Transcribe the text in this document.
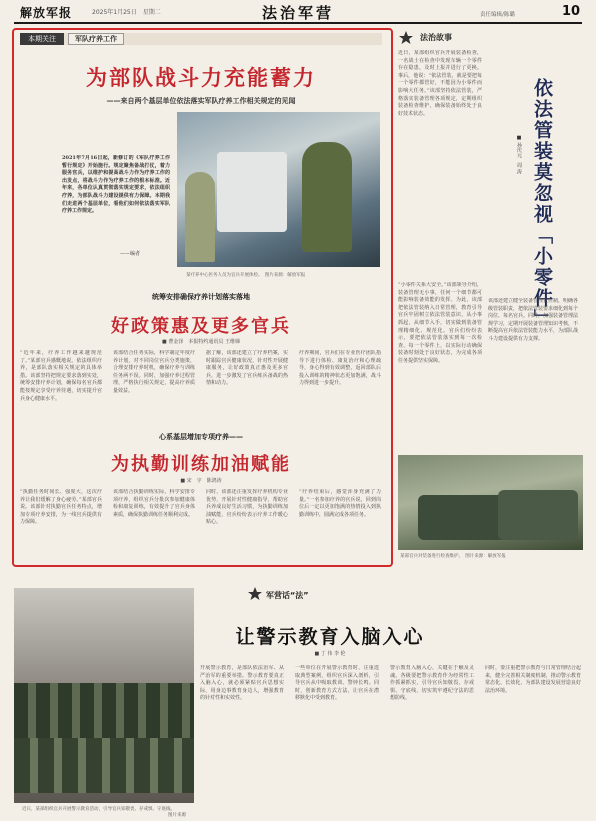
解放军报	2025年1月25日　星期二	法治军营	责任编辑/陈璐	10
本期关注	军队疗养工作
为部队战斗力充能蓄力
——来自两个基层单位依法落实军队疗养工作相关规定的见闻
2021年7月16日起，新修订的《军队疗养工作暂行规定》开始施行。规定聚焦备战打仗，着力服务官兵，以维护和提高战斗力作为疗养工作的出发点，将战斗力作为疗养工作的根本标准。近年来，各单位认真贯彻落实规定要求，依法组织疗养，为部队战斗力建设提供有力保障。本期我们走进两个基层单位，看他们如何依法落实军队疗养工作规定。
——编者
某疗养中心医务人员为官兵开展体检。　图片来源：解放军报
统筹安排确保疗养计划落实落地
好政策惠及更多官兵
■ 曹金泽　本报特约通讯员 王维娣
“近年来，疗养工作越来越规范了。”某部官兵感慨地说。依法组织疗养，是部队落实相关规定的具体举措。该部坚持把规定要求落到实处，统筹安排疗养计划，确保每名官兵都能按规定享受疗养待遇，切实提升官兵身心健康水平。
该部结合任务实际，科学制定年度疗养计划，对不同岗位官兵分类施策，合理安排疗养时机，确保疗养与训练任务两不误。同时，加强疗养过程管理，严格执行相关规定，提高疗养质量效益。
据了解，该部还建立了疗养档案，实时跟踪官兵健康状况，针对性开展健康服务，让好政策真正惠及更多官兵，进一步激发了官兵练兵备战的热情和动力。
疗养期间，官兵们在专业医疗团队指导下进行体检、康复治疗和心理疏导，身心得到有效调整，返回部队后投入训练的精神状态更加饱满，战斗力得到进一步提升。
心系基层增加专项疗养——
为执勤训练加油赋能
■ 宋　宇　陈鸿涛
“执勤任务时间长、强度大，这次疗养让我们缓解了身心疲劳。”某部官兵说。该部针对执勤官兵任务特点，增加专项疗养安排，为一线官兵提供有力保障。
该部结合执勤训练实际，科学安排专项疗养，组织官兵分批次参加健康体检和康复训练，有效提升了官兵身体素质，确保执勤训练任务顺利完成。
同时，该部还注重发挥疗养机构专业优势，开展针对性健康指导，帮助官兵养成良好生活习惯，为执勤训练加油赋能，官兵纷纷表示疗养工作暖心贴心。
“疗养结束后，感觉浑身充满了力量。”一名参加疗养的官兵说，回到岗位后一定以更加饱满的热情投入到执勤训练中，圆满完成各项任务。
法治故事
近日，某部组织官兵开展装备检查，一名战士在检查中发现车辆一个零件存在隐患，及时上报并进行了更换。事后，他说：“依法管装，就是要把每一个零件都管好，不能因为小零件而影响大任务。”该部坚持依法管装，严格落实装备管理各项规定，定期组织装备检查维护，确保装备始终处于良好技术状态。
“小零件关系大安全。”该部领导介绍，装备管理无小事，任何一个细节都可能影响装备效能的发挥。为此，该部把依法管装纳入日常管理，教育引导官兵牢固树立依法管装意识，从小事抓起，从细节入手，切实做到装备管理精细化、规范化。官兵们纷纷表示，要把依法管装落实到每一次检查、每一个零件上，以实际行动确保装备时刻处于良好状态，为完成各项任务提供坚实保障。
依法管装莫忽视「小零件」
■ 孙庆元　周 涛
该部还建立健全装备管理责任制，明确各级管装职责，把依法管装要求细化到每个岗位、每名官兵。同时，加强装备管理法规学习，定期开展装备管理知识考核，不断提高官兵依法管装能力水平，为部队战斗力建设提供有力支撑。
某部官兵对装备进行检查维护。　图片来源：解放军报
军营话“法”
让警示教育入脑入心
■ 丁 伟 李 伦
近日，某部组织官兵开展警示教育活动，引导官兵知敬畏、存戒惧、守底线。
图片来源
开展警示教育，是部队依法治军、从严治军的重要举措。警示教育要真正入脑入心，就必须紧贴官兵思想实际，用身边事教育身边人，增强教育的针对性和实效性。
一些单位在开展警示教育时，注重选取典型案例，组织官兵深入剖析，引导官兵从中吸取教训、警钟长鸣。同时，创新教育方式方法，让官兵在潜移默化中受到教育。
警示教育入脑入心，关键在于触及灵魂。各级要把警示教育作为经常性工作抓紧抓实，引导官兵知敬畏、存戒惧、守底线，切实筑牢遵纪守法的思想防线。
同时，要注重把警示教育与日常管理结合起来，健全完善相关制度机制，推动警示教育常态化、长效化，为部队建设发展营造良好法治环境。
